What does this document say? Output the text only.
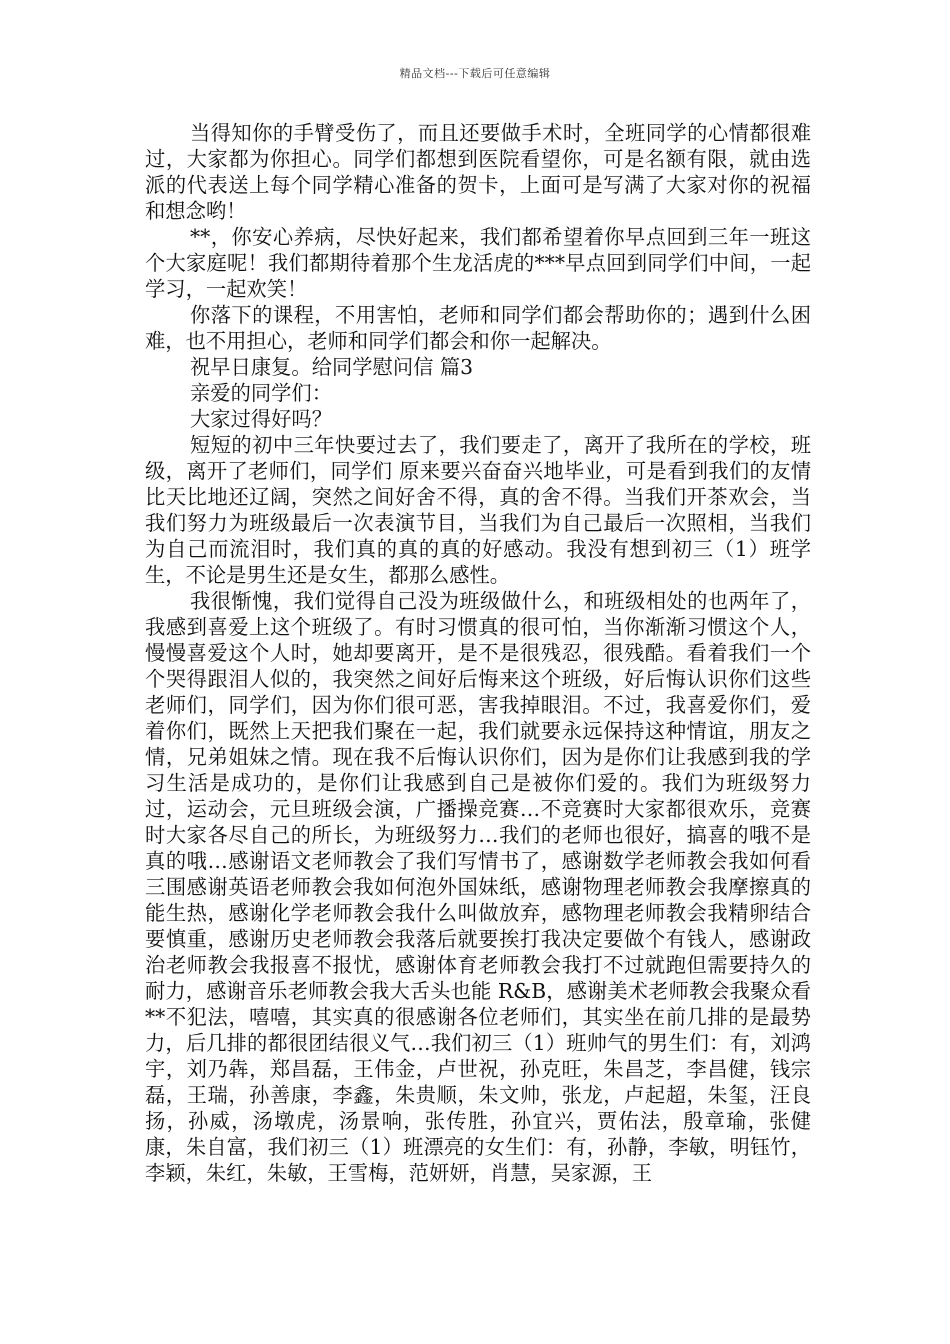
精品文档---下载后可任意编辑

当得知你的手臂受伤了，而且还要做手术时，全班同学的心情都很难过，大家都为你担心。同学们都想到医院看望你，可是名额有限，就由选派的代表送上每个同学精心准备的贺卡，上面可是写满了大家对你的祝福和想念哟！

**，你安心养病，尽快好起来，我们都希望着你早点回到三年一班这个大家庭呢！我们都期待着那个生龙活虎的***早点回到同学们中间，一起学习，一起欢笑！

你落下的课程，不用害怕，老师和同学们都会帮助你的；遇到什么困难，也不用担心，老师和同学们都会和你一起解决。

祝早日康复。给同学慰问信 篇3

亲爱的同学们：

大家过得好吗？

短短的初中三年快要过去了，我们要走了，离开了我所在的学校，班级，离开了老师们，同学们 原来要兴奋奋兴地毕业，可是看到我们的友情比天比地还辽阔，突然之间好舍不得，真的舍不得。当我们开茶欢会，当我们努力为班级最后一次表演节目，当我们为自己最后一次照相，当我们为自己而流泪时，我们真的真的真的好感动。我没有想到初三（1）班学生，不论是男生还是女生，都那么感性。

我很惭愧，我们觉得自己没为班级做什么，和班级相处的也两年了，我感到喜爱上这个班级了。有时习惯真的很可怕，当你渐渐习惯这个人，慢慢喜爱这个人时，她却要离开，是不是很残忍，很残酷。看着我们一个个哭得跟泪人似的，我突然之间好后悔来这个班级，好后悔认识你们这些老师们，同学们，因为你们很可恶，害我掉眼泪。不过，我喜爱你们，爱着你们，既然上天把我们聚在一起，我们就要永远保持这种情谊，朋友之情，兄弟姐妹之情。现在我不后悔认识你们，因为是你们让我感到我的学习生活是成功的，是你们让我感到自己是被你们爱的。我们为班级努力过，运动会，元旦班级会演，广播操竞赛…不竞赛时大家都很欢乐，竞赛时大家各尽自己的所长，为班级努力…我们的老师也很好，搞喜的哦不是真的哦…感谢语文老师教会了我们写情书了，感谢数学老师教会我如何看三围感谢英语老师教会我如何泡外国妹纸，感谢物理老师教会我摩擦真的能生热，感谢化学老师教会我什么叫做放弃，感物理老师教会我精卵结合要慎重，感谢历史老师教会我落后就要挨打我决定要做个有钱人，感谢政治老师教会我报喜不报忧，感谢体育老师教会我打不过就跑但需要持久的耐力，感谢音乐老师教会我大舌头也能 R&B，感谢美术老师教会我聚众看**不犯法，嘻嘻，其实真的很感谢各位老师们，其实坐在前几排的是最势力，后几排的都很团结很义气…我们初三（1）班帅气的男生们：有，刘鸿宇，刘乃犇，郑昌磊，王伟金，卢世祝，孙克旺，朱昌芝，李昌健，钱宗磊，王瑞，孙善康，李鑫，朱贵顺，朱文帅，张龙，卢起超，朱玺，汪良扬，孙威，汤墩虎，汤景响，张传胜，孙宜兴，贾佑法，殷章瑜，张健康，朱自富，我们初三（1）班漂亮的女生们：有，孙静，李敏，明钰竹，李颖，朱红，朱敏，王雪梅，范妍妍，肖慧，吴家源，王
